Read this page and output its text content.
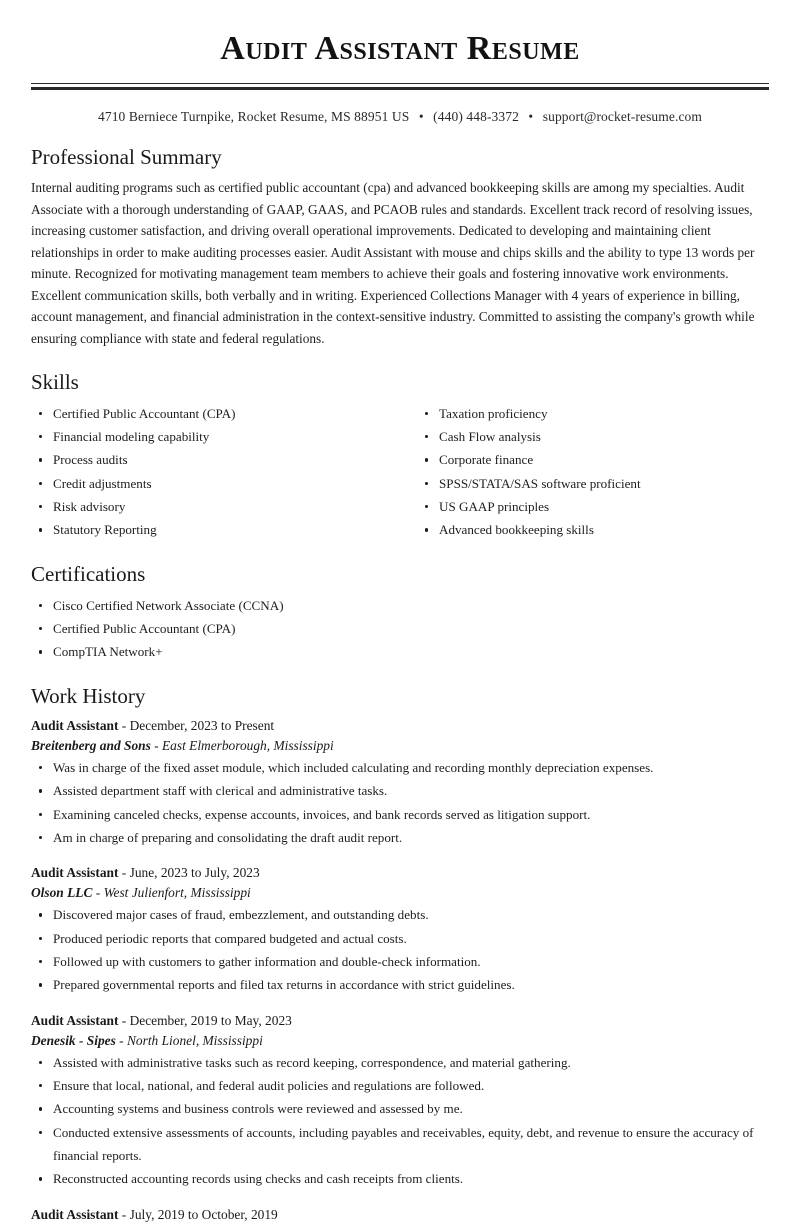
Audit Assistant Resume
4710 Berniece Turnpike, Rocket Resume, MS 88951 US • (440) 448-3372 • support@rocket-resume.com
Professional Summary

Internal auditing programs such as certified public accountant (cpa) and advanced bookkeeping skills are among my specialties. Audit Associate with a thorough understanding of GAAP, GAAS, and PCAOB rules and standards. Excellent track record of resolving issues, increasing customer satisfaction, and driving overall operational improvements. Dedicated to developing and maintaining client relationships in order to make auditing processes easier. Audit Assistant with mouse and chips skills and the ability to type 13 words per minute. Recognized for motivating management team members to achieve their goals and fostering innovative work environments. Excellent communication skills, both verbally and in writing. Experienced Collections Manager with 4 years of experience in billing, account management, and financial administration in the context-sensitive industry. Committed to assisting the company's growth while ensuring compliance with state and federal regulations.

Skills
Certified Public Accountant (CPA)
Financial modeling capability
Process audits
Credit adjustments
Risk advisory
Statutory Reporting
Taxation proficiency
Cash Flow analysis
Corporate finance
SPSS/STATA/SAS software proficient
US GAAP principles
Advanced bookkeeping skills
Certifications
Cisco Certified Network Associate (CCNA)
Certified Public Accountant (CPA)
CompTIA Network+
Work History
Audit Assistant - December, 2023 to Present
Breitenberg and Sons - East Elmerborough, Mississippi
Was in charge of the fixed asset module, which included calculating and recording monthly depreciation expenses.
Assisted department staff with clerical and administrative tasks.
Examining canceled checks, expense accounts, invoices, and bank records served as litigation support.
Am in charge of preparing and consolidating the draft audit report.
Audit Assistant - June, 2023 to July, 2023
Olson LLC - West Julienfort, Mississippi
Discovered major cases of fraud, embezzlement, and outstanding debts.
Produced periodic reports that compared budgeted and actual costs.
Followed up with customers to gather information and double-check information.
Prepared governmental reports and filed tax returns in accordance with strict guidelines.
Audit Assistant - December, 2019 to May, 2023
Denesik - Sipes - North Lionel, Mississippi
Assisted with administrative tasks such as record keeping, correspondence, and material gathering.
Ensure that local, national, and federal audit policies and regulations are followed.
Accounting systems and business controls were reviewed and assessed by me.
Conducted extensive assessments of accounts, including payables and receivables, equity, debt, and revenue to ensure the accuracy of financial reports.
Reconstructed accounting records using checks and cash receipts from clients.
Audit Assistant - July, 2019 to October, 2019
